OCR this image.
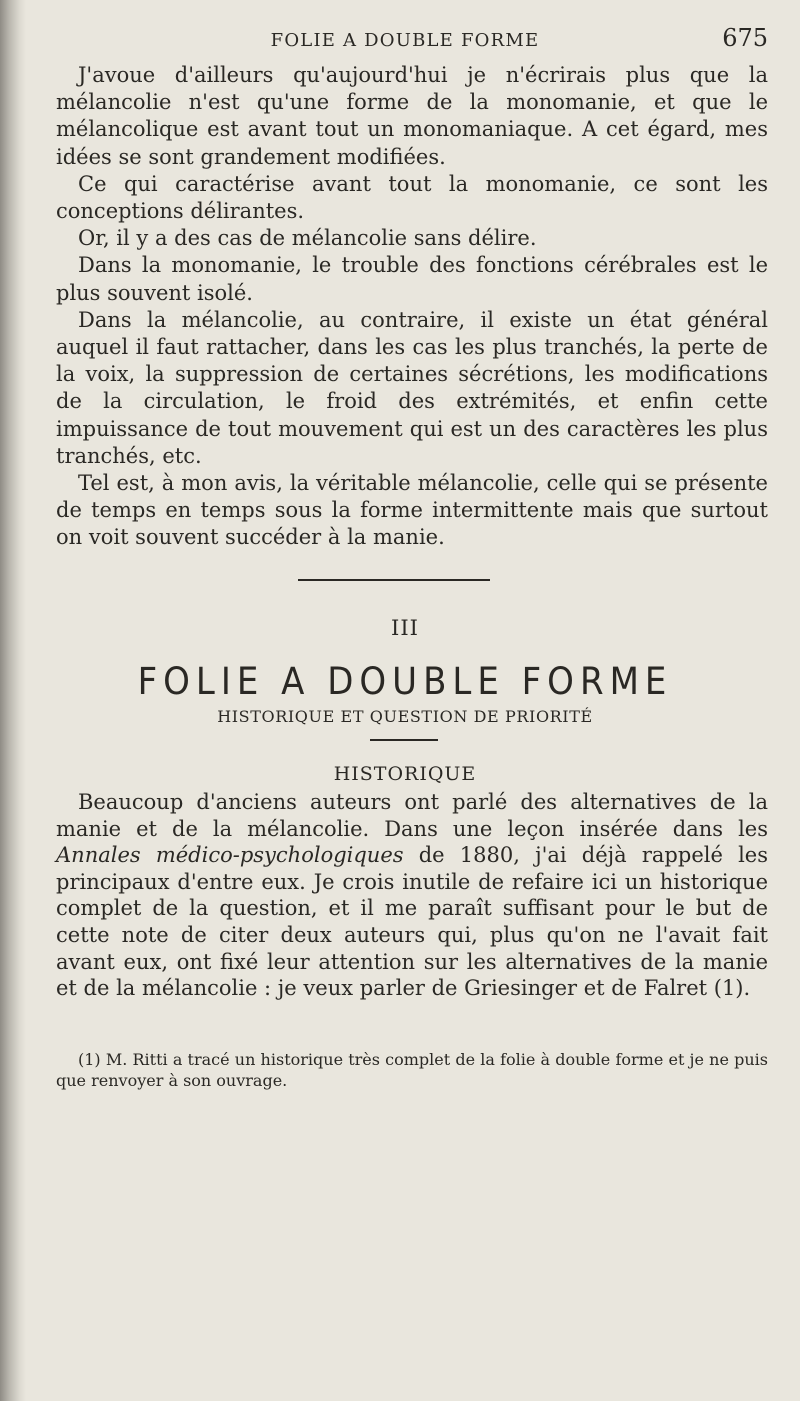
FOLIE A DOUBLE FORME	675

J'avoue d'ailleurs qu'aujourd'hui je n'écrirais plus que la mélancolie n'est qu'une forme de la monomanie, et que le mélancolique est avant tout un monomaniaque. A cet égard, mes idées se sont grandement modifiées.

Ce qui caractérise avant tout la monomanie, ce sont les conceptions délirantes.

Or, il y a des cas de mélancolie sans délire.

Dans la monomanie, le trouble des fonctions cérébrales est le plus souvent isolé.

Dans la mélancolie, au contraire, il existe un état général auquel il faut rattacher, dans les cas les plus tranchés, la perte de la voix, la suppression de certaines sécrétions, les modifications de la circulation, le froid des extrémités, et enfin cette impuissance de tout mouvement qui est un des caractères les plus tranchés, etc.

Tel est, à mon avis, la véritable mélancolie, celle qui se présente de temps en temps sous la forme intermittente mais que surtout on voit souvent succéder à la manie.

III
FOLIE A DOUBLE FORME
HISTORIQUE ET QUESTION DE PRIORITÉ
HISTORIQUE

Beaucoup d'anciens auteurs ont parlé des alternatives de la manie et de la mélancolie. Dans une leçon insérée dans les Annales médico-psychologiques de 1880, j'ai déjà rappelé les principaux d'entre eux. Je crois inutile de refaire ici un historique complet de la question, et il me paraît suffisant pour le but de cette note de citer deux auteurs qui, plus qu'on ne l'avait fait avant eux, ont fixé leur attention sur les alternatives de la manie et de la mélancolie : je veux parler de Griesinger et de Falret (1).

(1) M. Ritti a tracé un historique très complet de la folie à double forme et je ne puis que renvoyer à son ouvrage.
